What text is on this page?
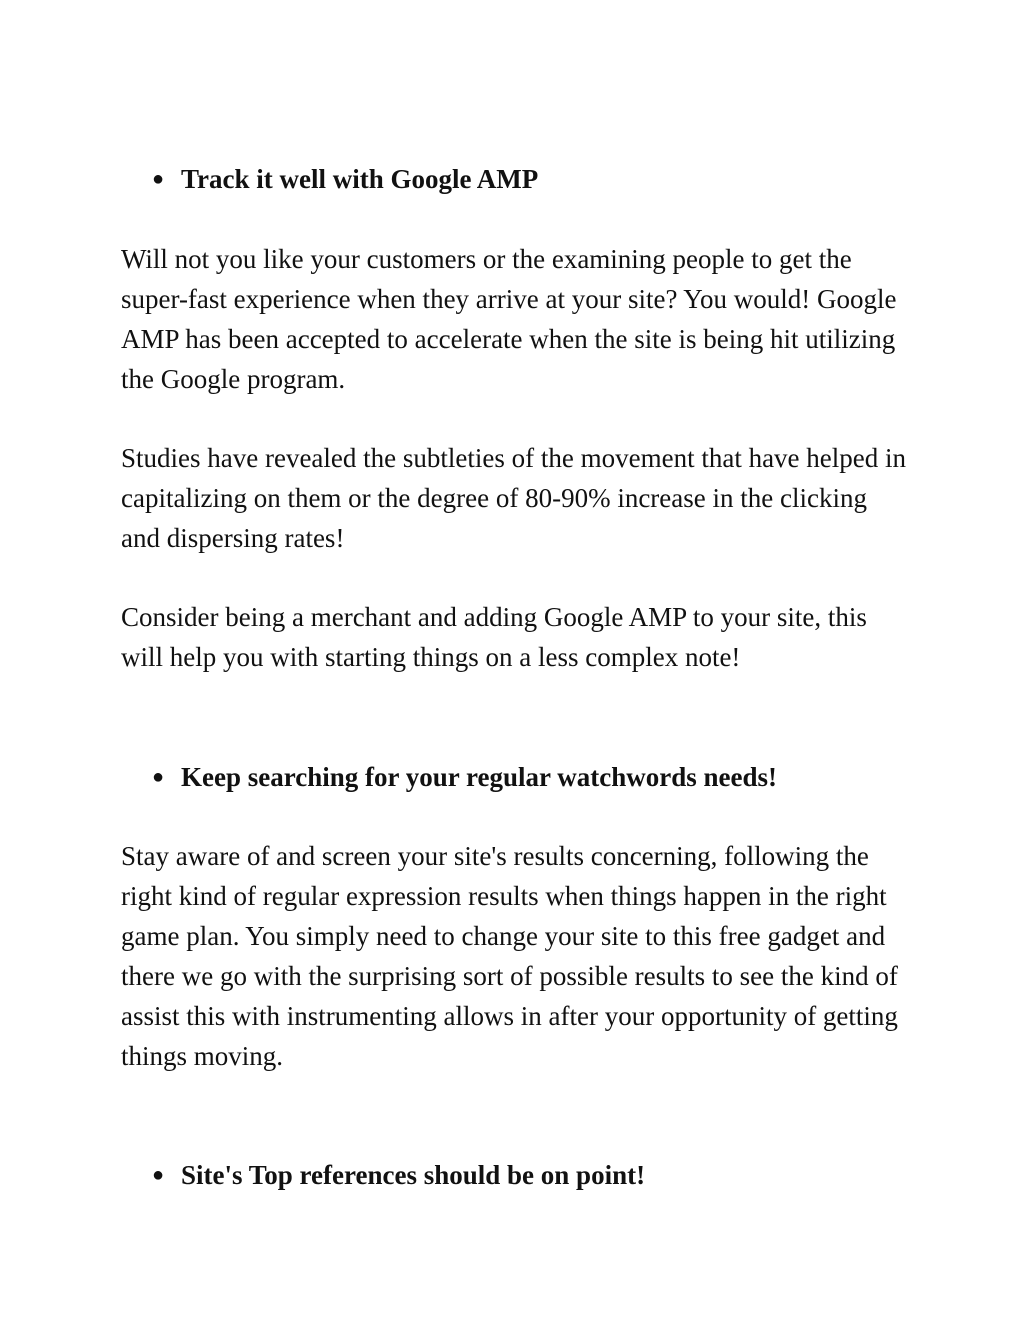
● Track it well with Google AMP

Will not you like your customers or the examining people to get the super-fast experience when they arrive at your site? You would! Google AMP has been accepted to accelerate when the site is being hit utilizing the Google program.

Studies have revealed the subtleties of the movement that have helped in capitalizing on them or the degree of 80-90% increase in the clicking and dispersing rates!

Consider being a merchant and adding Google AMP to your site, this will help you with starting things on a less complex note!

● Keep searching for your regular watchwords needs!

Stay aware of and screen your site's results concerning, following the right kind of regular expression results when things happen in the right game plan. You simply need to change your site to this free gadget and there we go with the surprising sort of possible results to see the kind of assist this with instrumenting allows in after your opportunity of getting things moving.

● Site's Top references should be on point!
